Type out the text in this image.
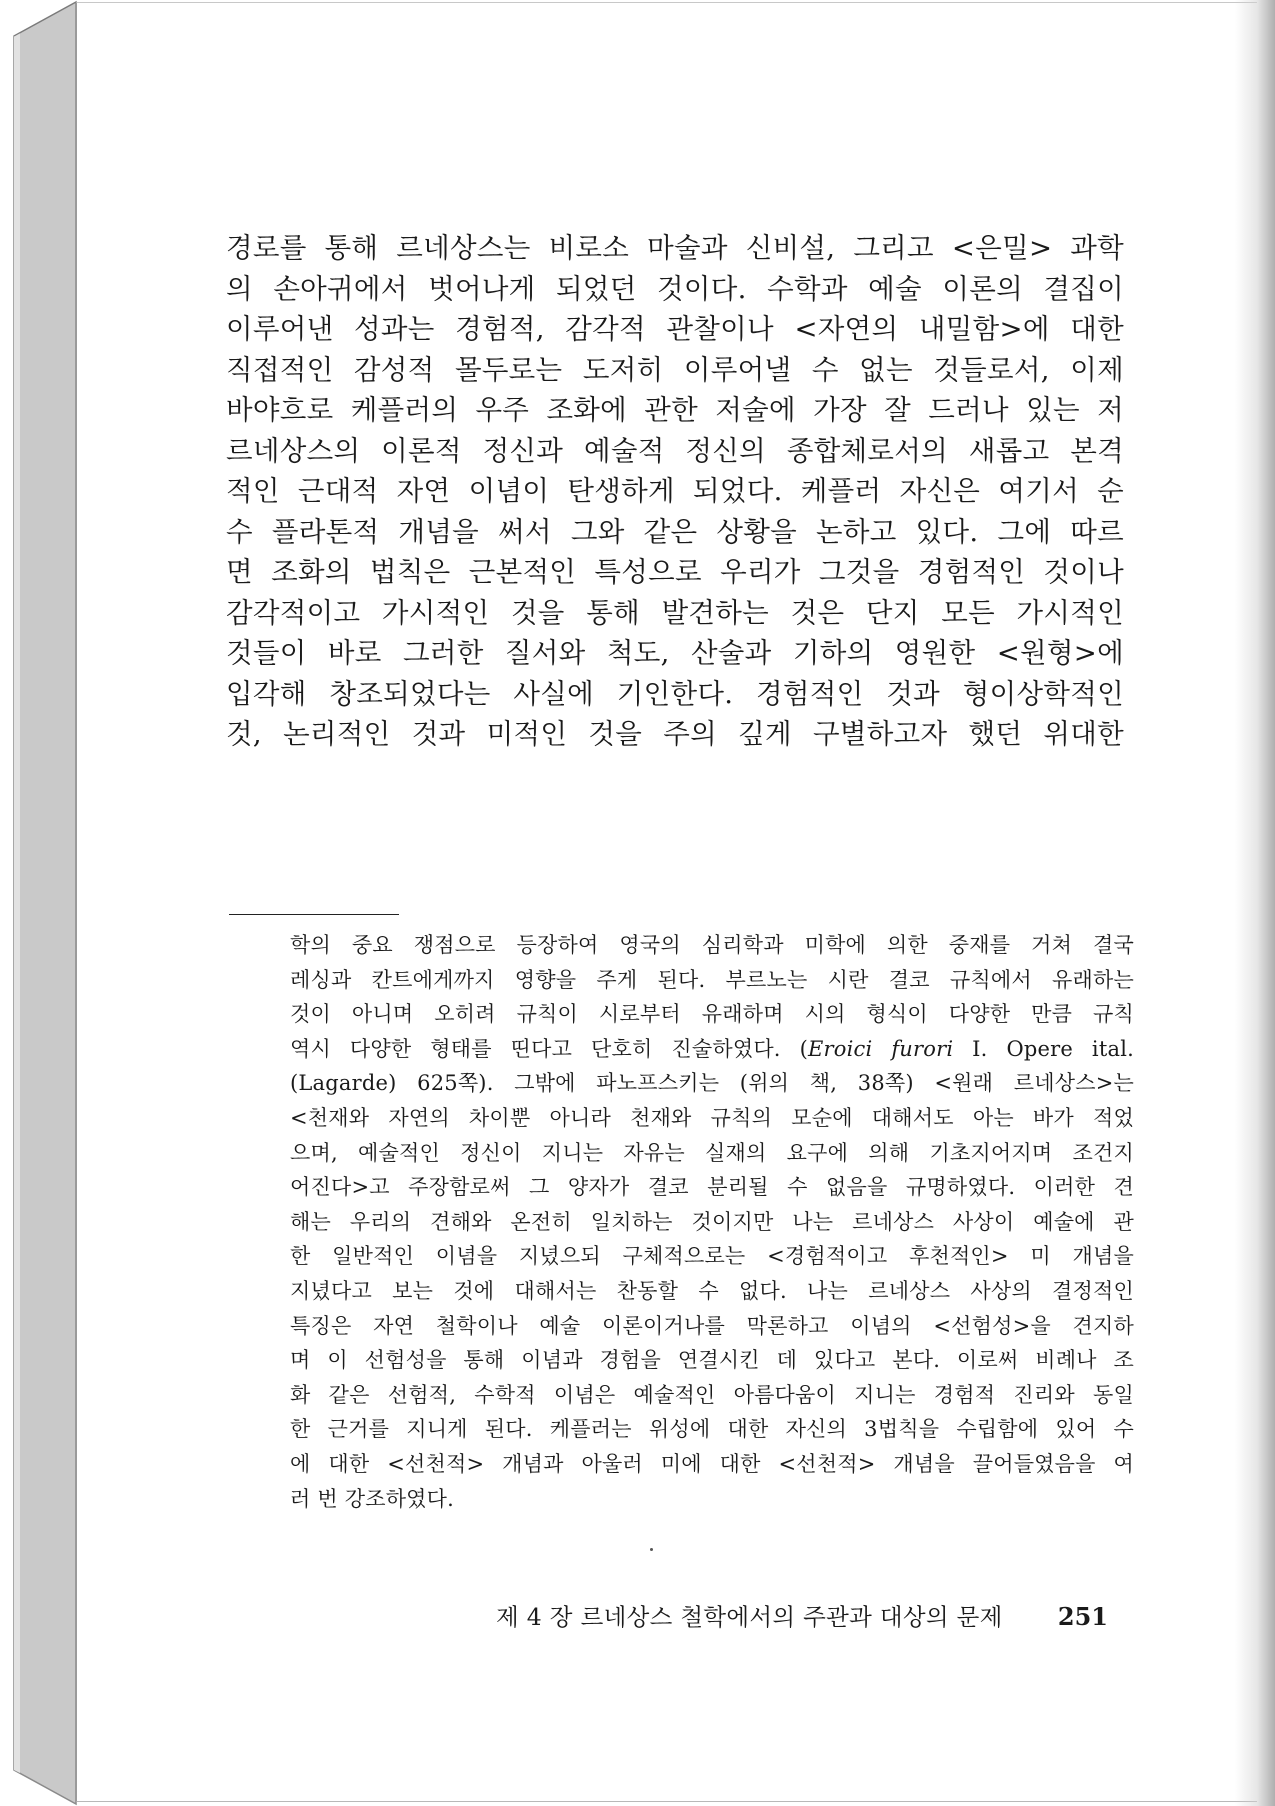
경로를 통해 르네상스는 비로소 마술과 신비설, 그리고 <은밀> 과학
의 손아귀에서 벗어나게 되었던 것이다. 수학과 예술 이론의 결집이
이루어낸 성과는 경험적, 감각적 관찰이나 <자연의 내밀함>에 대한
직접적인 감성적 몰두로는 도저히 이루어낼 수 없는 것들로서, 이제
바야흐로 케플러의 우주 조화에 관한 저술에 가장 잘 드러나 있는 저
르네상스의 이론적 정신과 예술적 정신의 종합체로서의 새롭고 본격
적인 근대적 자연 이념이 탄생하게 되었다. 케플러 자신은 여기서 순
수 플라톤적 개념을 써서 그와 같은 상황을 논하고 있다. 그에 따르
면 조화의 법칙은 근본적인 특성으로 우리가 그것을 경험적인 것이나
감각적이고 가시적인 것을 통해 발견하는 것은 단지 모든 가시적인
것들이 바로 그러한 질서와 척도, 산술과 기하의 영원한 <원형>에
입각해 창조되었다는 사실에 기인한다. 경험적인 것과 형이상학적인
것, 논리적인 것과 미적인 것을 주의 깊게 구별하고자 했던 위대한
학의 중요 쟁점으로 등장하여 영국의 심리학과 미학에 의한 중재를 거쳐 결국
레싱과 칸트에게까지 영향을 주게 된다. 부르노는 시란 결코 규칙에서 유래하는
것이 아니며 오히려 규칙이 시로부터 유래하며 시의 형식이 다양한 만큼 규칙
역시 다양한 형태를 띤다고 단호히 진술하였다. (Eroici furori I. Opere ital.
(Lagarde) 625쪽). 그밖에 파노프스키는 (위의 책, 38쪽) <원래 르네상스>는
<천재와 자연의 차이뿐 아니라 천재와 규칙의 모순에 대해서도 아는 바가 적었
으며, 예술적인 정신이 지니는 자유는 실재의 요구에 의해 기초지어지며 조건지
어진다>고 주장함로써 그 양자가 결코 분리될 수 없음을 규명하였다. 이러한 견
해는 우리의 견해와 온전히 일치하는 것이지만 나는 르네상스 사상이 예술에 관
한 일반적인 이념을 지녔으되 구체적으로는 <경험적이고 후천적인> 미 개념을
지녔다고 보는 것에 대해서는 찬동할 수 없다. 나는 르네상스 사상의 결정적인
특징은 자연 철학이나 예술 이론이거나를 막론하고 이념의 <선험성>을 견지하
며 이 선험성을 통해 이념과 경험을 연결시킨 데 있다고 본다. 이로써 비례나 조
화 같은 선험적, 수학적 이념은 예술적인 아름다움이 지니는 경험적 진리와 동일
한 근거를 지니게 된다. 케플러는 위성에 대한 자신의 3법칙을 수립함에 있어 수
에 대한 <선천적> 개념과 아울러 미에 대한 <선천적> 개념을 끌어들였음을 여
러 번 강조하였다.
제 4 장 르네상스 철학에서의 주관과 대상의 문제 251
